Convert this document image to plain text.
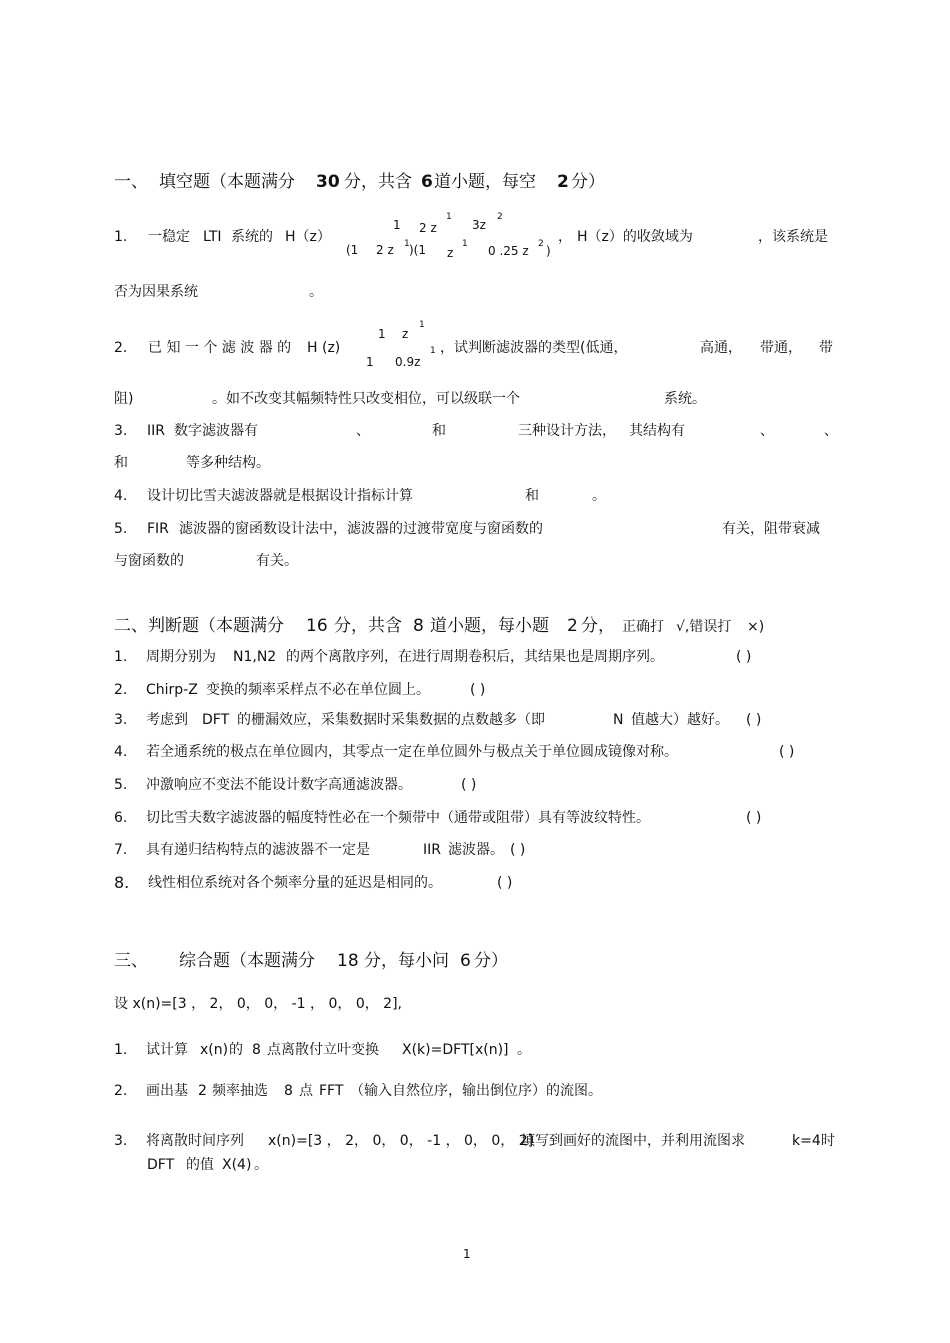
一、 填空题（本题满分 30 分，共含 6 道小题，每空 2 分）
1. 一稳定 LTI 系统的 H（z）
1 2 z
1
3z
2
(1 2 z 1 )(1 z
1 0 .25 z 2 )
， H（z）的收敛域为	，该系统是
否为因果系统	。
2. 已 知 一 个 滤 波 器 的 H (z)
1 z
1
1 0.9z
1 ，试判断滤波器的类型(低通，	高通， 带通， 带
阻)	。如不改变其幅频特性只改变相位，可以级联一个	系统。
3. IIR 数字滤波器有	、	和	三种设计方法， 其结构有	、	、
和	等多种结构。
4. 设计切比雪夫滤波器就是根据设计指标计算	和	。
5. FIR 滤波器的窗函数设计法中，滤波器的过渡带宽度与窗函数的	有关，阻带衰减
与窗函数的	有关。
二、判断题（本题满分 16 分，共含 8 道小题，每小题 2 分， 正确打 √,错误打 ×)
1. 周期分别为 N1,N2 的两个离散序列，在进行周期卷积后，其结果也是周期序列。	( )
2. Chirp-Z 变换的频率采样点不必在单位圆上。	( )
3. 考虑到 DFT 的栅漏效应，采集数据时采集数据的点数越多（即	N 值越大）越好。 ( )
4. 若全通系统的极点在单位圆内，其零点一定在单位圆外与极点关于单位圆成镜像对称。	( )
5. 冲激响应不变法不能设计数字高通滤波器。	( )
6. 切比雪夫数字滤波器的幅度特性必在一个频带中（通带或阻带）具有等波纹特性。	( )
7. 具有递归结构特点的滤波器不一定是	IIR 滤波器。 ( )
8. 线性相位系统对各个频率分量的延迟是相同的。	( )
三、 综合题（本题满分 18 分，每小问 6 分）
设 x(n)=[3 ， 2， 0， 0， -1 ， 0， 0， 2],
1. 试计算 x(n) 的 8 点离散付立叶变换 X(k)=DFT[x(n)] 。
2. 画出基 2 频率抽选 8 点 FFT （输入自然位序，输出倒位序）的流图。
3. 将离散时间序列 x(n)=[3 ， 2， 0， 0， -1 ， 0， 0， 2]
填写到画好的流图中，并利用流图求	k=4 时
DFT 的值 X(4) 。
1
